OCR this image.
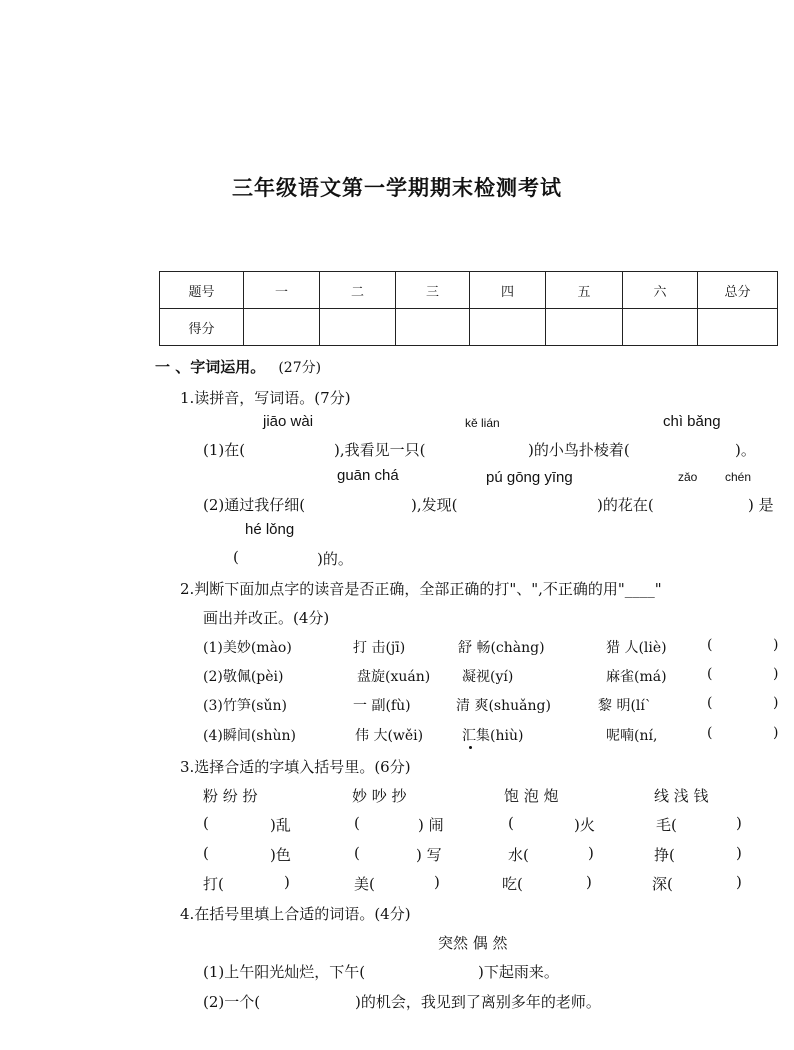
三年级语文第一学期期末检测考试
题号	一	二	三	四	五	六	总分
得分							
一 、字词运用。 (27分)
1.读拼音，写词语。(7分)
jiāo wài	kě lián	chì bǎng
(1)在(	),我看见一只(	)的小鸟扑棱着(	)。
guān chá	pú gōng yīng	zǎo chén
(2)通过我仔细(	),发现(	)的花在(	) 是
hé lǒng
(	)的。
2.判断下面加点字的读音是否正确，全部正确的打"、",不正确的用"____"
画出并改正。(4分)
(1)美妙(mào)	打 击(jī)	舒 畅(chàng)	猎 人(liè)	(	)
(2)敬佩(pèi)	盘旋(xuán) 凝视(yí)	麻雀(má)	(	)
(3)竹笋(sǔn)	一 副(fù)	清 爽(shuǎng)	黎 明(lí`	(	)
(4)瞬间(shùn)	伟 大(wěi)	汇集(hiù)	呢喃(ní,	(	)
3.选择合适的字填入括号里。(6分)
粉 纷 扮	妙 吵 抄	饱 泡 炮	线 浅 钱
(	)乱	(	) 闹	(	)火	毛(	)
(	)色	(	) 写	水(	)	挣(	)
打(	)	美(	)	吃(	)	深(	)
4.在括号里填上合适的词语。(4分)
突然 偶 然
(1)上午阳光灿烂，下午(	)下起雨来。
(2)一个(	)的机会，我见到了离别多年的老师。
